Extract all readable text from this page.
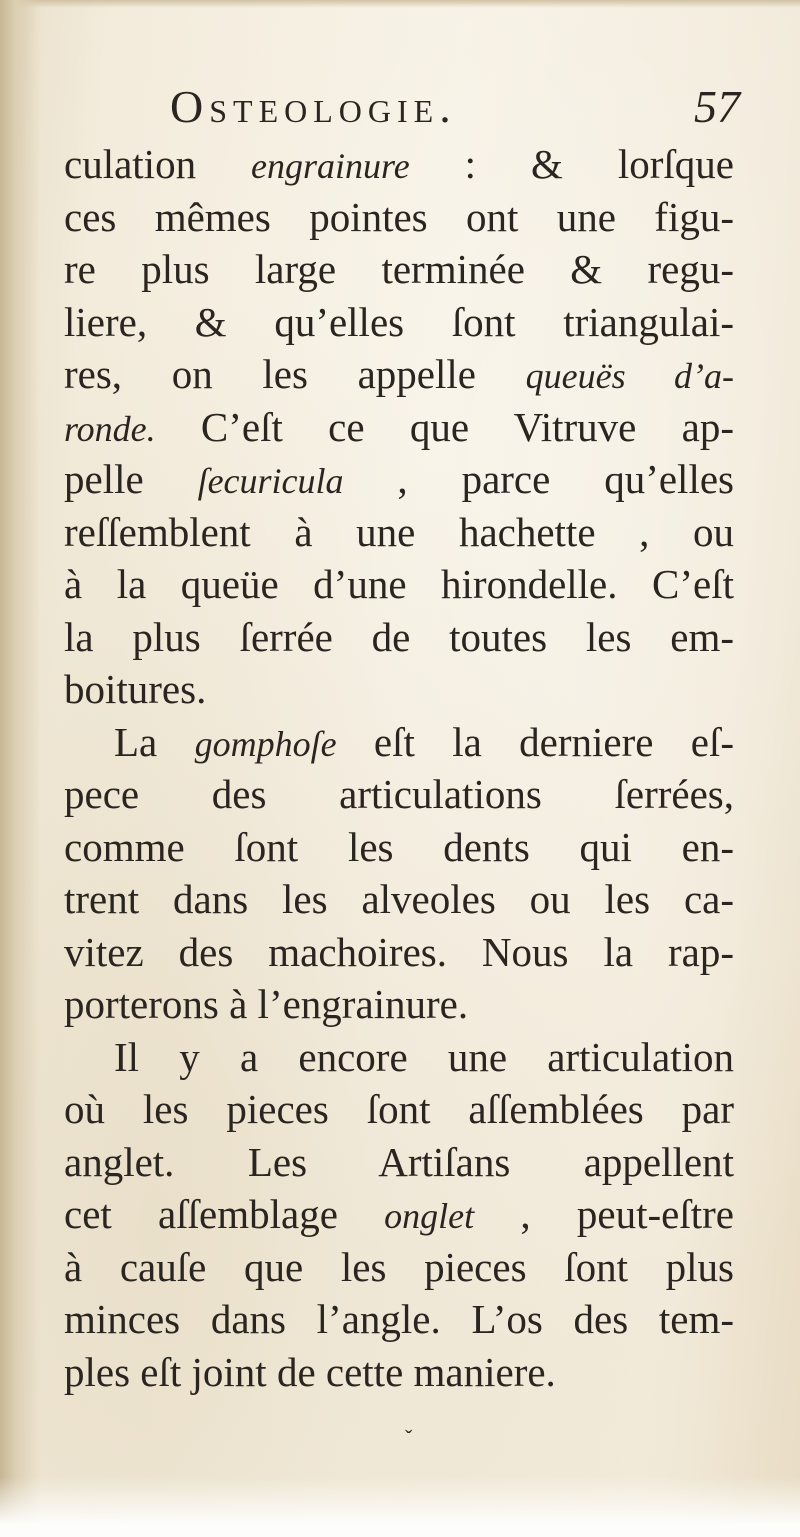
Osteologie.	57
culation engrainure : & lorſque
ces mêmes pointes ont une figu-
re plus large terminée & regu-
liere, & qu’elles ſont triangulai-
res, on les appelle queuës d’a-
ronde. C’eſt ce que Vitruve ap-
pelle ſecuricula , parce qu’elles
reſſemblent à une hachette , ou
à la queüe d’une hirondelle. C’eſt
la plus ſerrée de toutes les em-
boitures.
La gomphoſe eſt la derniere eſ-
pece des articulations ſerrées,
comme ſont les dents qui en-
trent dans les alveoles ou les ca-
vitez des machoires. Nous la rap-
porterons à l’engrainure.
Il y a encore une articulation
où les pieces ſont aſſemblées par
anglet. Les Artiſans appellent
cet aſſemblage onglet , peut-eſtre
à cauſe que les pieces ſont plus
minces dans l’angle. L’os des tem-
ples eſt joint de cette maniere.
ˇ
